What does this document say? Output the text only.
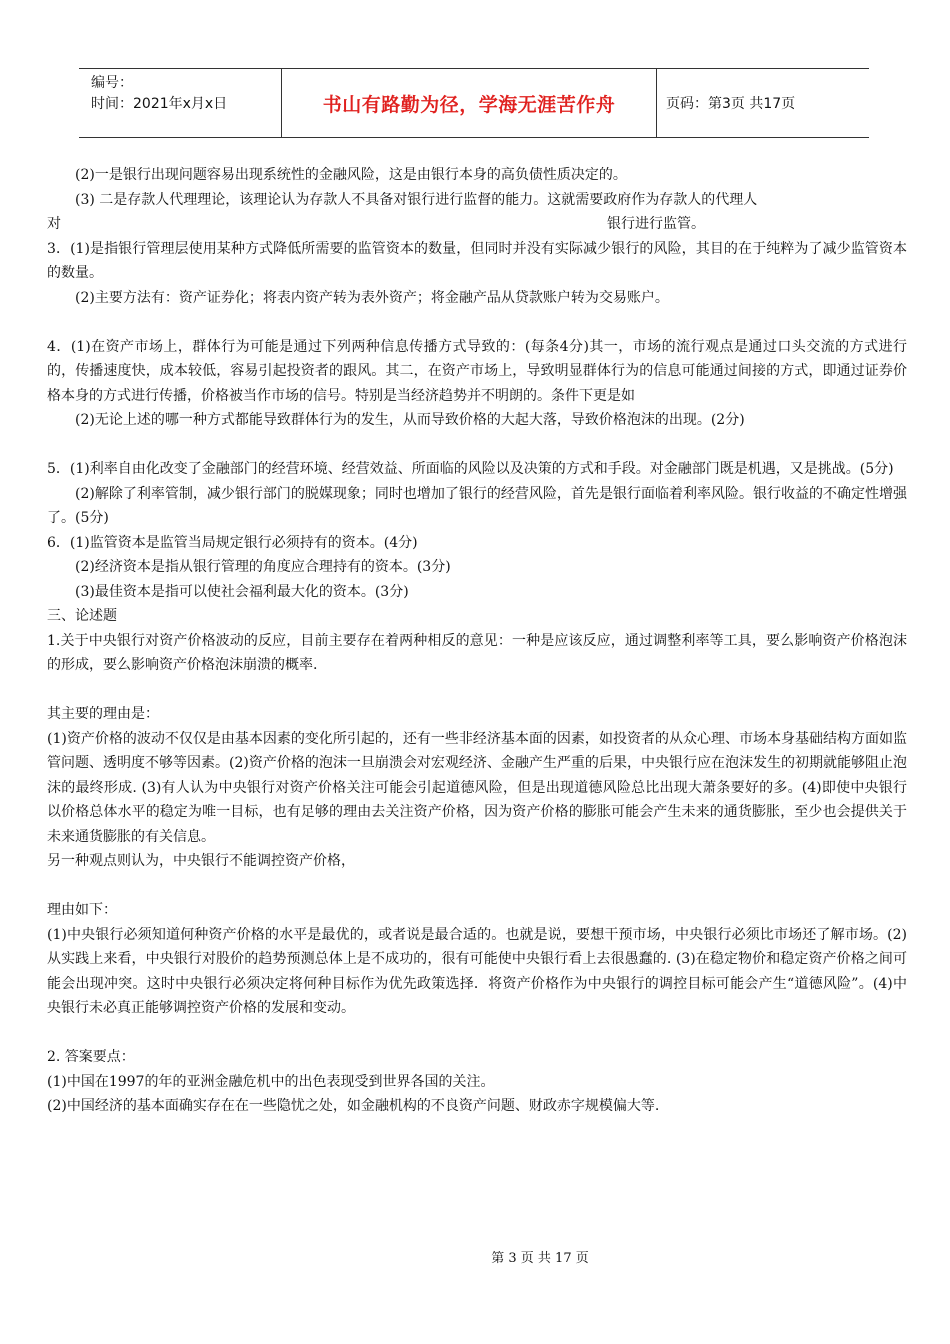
编号：
时间：2021年x月x日	书山有路勤为径，学海无涯苦作舟	页码：第3页 共17页

(2)一是银行出现问题容易出现系统性的金融风险，这是由银行本身的高负债性质决定的。

(3) 二是存款人代理理论，该理论认为存款人不具备对银行进行监督的能力。这就需要政府作为存款人的代理人

对	银行进行监管。

3．(1)是指银行管理层使用某种方式降低所需要的监管资本的数量，但同时并没有实际减少银行的风险，其目的在于纯粹为了减少监管资本的数量。

(2)主要方法有：资产证券化；将表内资产转为表外资产；将金融产品从贷款账户转为交易账户。

4．(1)在资产市场上，群体行为可能是通过下列两种信息传播方式导致的：(每条4分)其一，市场的流行观点是通过口头交流的方式进行的，传播速度快，成本较低，容易引起投资者的跟风。其二，在资产市场上，导致明显群体行为的信息可能通过间接的方式，即通过证券价格本身的方式进行传播，价格被当作市场的信号。特别是当经济趋势并不明朗的。条件下更是如

(2)无论上述的哪一种方式都能导致群体行为的发生，从而导致价格的大起大落，导致价格泡沫的出现。(2分)

5．(1)利率自由化改变了金融部门的经营环境、经营效益、所面临的风险以及决策的方式和手段。对金融部门既是机遇，又是挑战。(5分)

(2)解除了利率管制，减少银行部门的脱媒现象；同时也增加了银行的经营风险，首先是银行面临着利率风险。银行收益的不确定性增强了。(5分)

6．(1)监管资本是监管当局规定银行必须持有的资本。(4分)

(2)经济资本是指从银行管理的角度应合理持有的资本。(3分)

(3)最佳资本是指可以使社会福利最大化的资本。(3分)

三、论述题

1.关于中央银行对资产价格波动的反应，目前主要存在着两种相反的意见：一种是应该反应，通过调整利率等工具，要么影响资产价格泡沫的形成，要么影响资产价格泡沫崩溃的概率.

其主要的理由是：

(1)资产价格的波动不仅仅是由基本因素的变化所引起的，还有一些非经济基本面的因素，如投资者的从众心理、市场本身基础结构方面如监管问题、透明度不够等因素。(2)资产价格的泡沫一旦崩溃会对宏观经济、金融产生严重的后果，中央银行应在泡沫发生的初期就能够阻止泡沫的最终形成. (3)有人认为中央银行对资产价格关注可能会引起道德风险，但是出现道德风险总比出现大萧条要好的多。(4)即使中央银行以价格总体水平的稳定为唯一目标，也有足够的理由去关注资产价格，因为资产价格的膨胀可能会产生未来的通货膨胀，至少也会提供关于未来通货膨胀的有关信息。

另一种观点则认为，中央银行不能调控资产价格，

理由如下：

(1)中央银行必须知道何种资产价格的水平是最优的，或者说是最合适的。也就是说，要想干预市场，中央银行必须比市场还了解市场。(2)从实践上来看，中央银行对股价的趋势预测总体上是不成功的，很有可能使中央银行看上去很愚蠢的. (3)在稳定物价和稳定资产价格之间可能会出现冲突。这时中央银行必须决定将何种目标作为优先政策选择．将资产价格作为中央银行的调控目标可能会产生“道德风险”。(4)中央银行未必真正能够调控资产价格的发展和变动。

2. 答案要点：

(1)中国在1997的年的亚洲金融危机中的出色表现受到世界各国的关注。

(2)中国经济的基本面确实存在在一些隐忧之处，如金融机构的不良资产问题、财政赤字规模偏大等.

第 3 页 共 17 页
